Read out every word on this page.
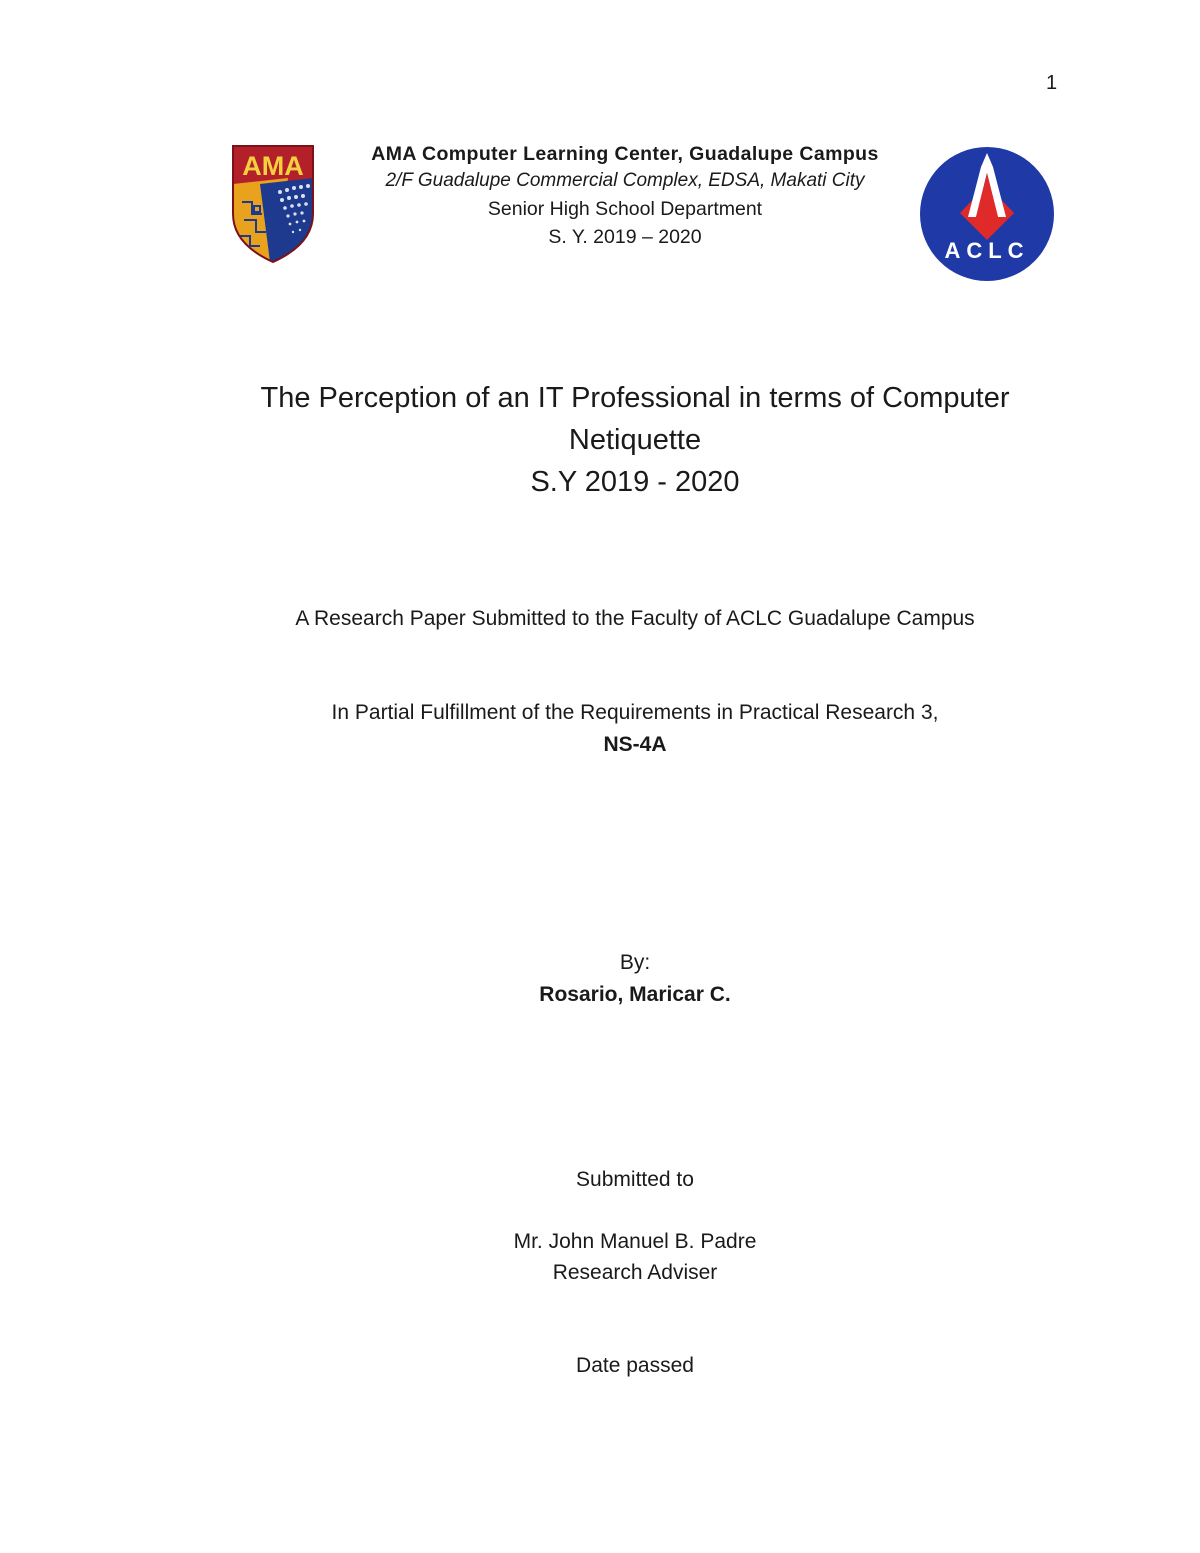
1
AMA	AMA Computer Learning Center, Guadalupe Campus
2/F Guadalupe Commercial Complex, EDSA, Makati City
Senior High School Department
S. Y. 2019 – 2020
ACLC
The Perception of an IT Professional in terms of Computer
Netiquette
S.Y 2019 - 2020
A Research Paper Submitted to the Faculty of ACLC Guadalupe Campus
In Partial Fulfillment of the Requirements in Practical Research 3,
NS-4A
By:
Rosario, Maricar C.
Submitted to
Mr. John Manuel B. Padre
Research Adviser
Date passed
